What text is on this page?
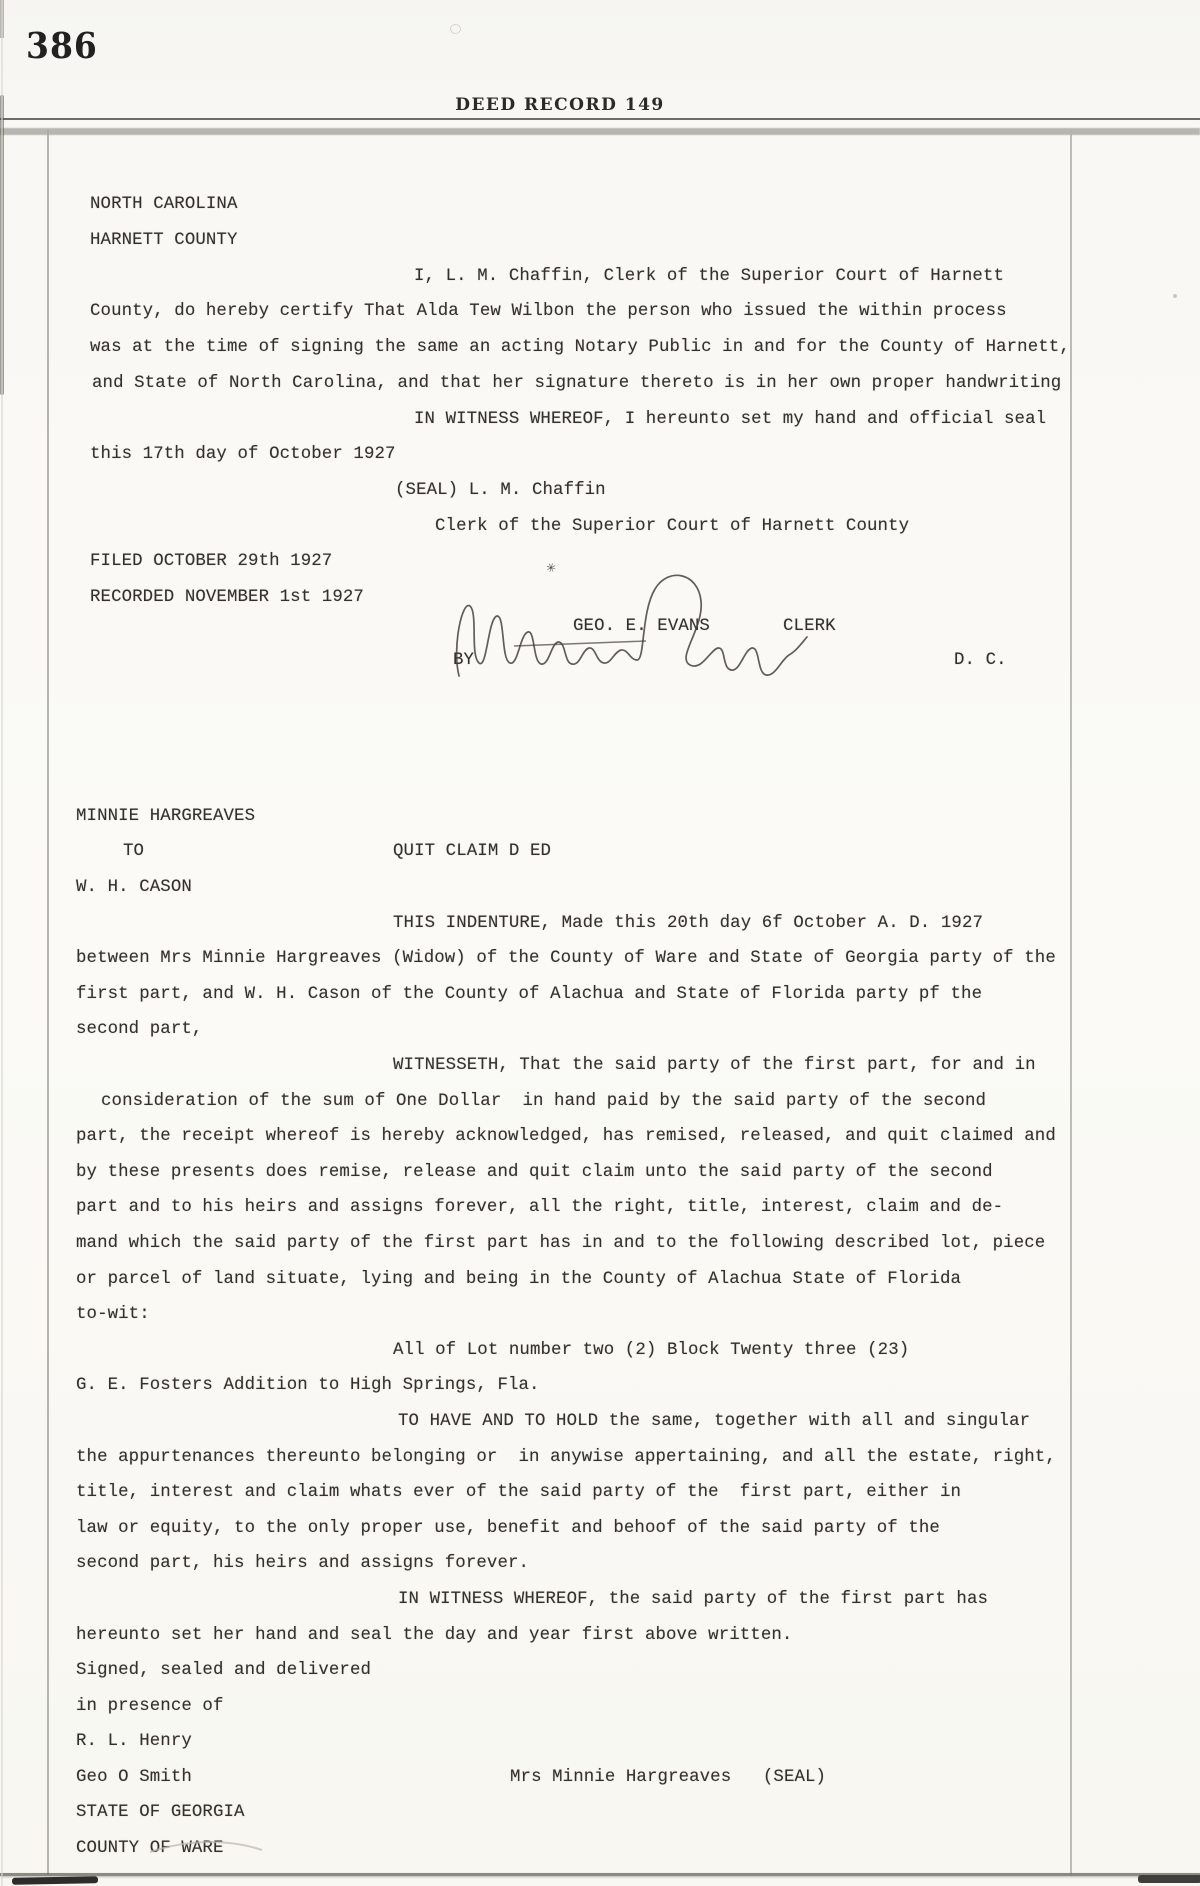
386
DEED RECORD 149
NORTH CAROLINA
HARNETT COUNTY
I, L. M. Chaffin, Clerk of the Superior Court of Harnett
County, do hereby certify That Alda Tew Wilbon the person who issued the within process
was at the time of signing the same an acting Notary Public in and for the County of Harnett,
and State of North Carolina, and that her signature thereto is in her own proper handwriting
IN WITNESS WHEREOF, I hereunto set my hand and official seal
this 17th day of October 1927
(SEAL) L. M. Chaffin
Clerk of the Superior Court of Harnett County
FILED OCTOBER 29th 1927
RECORDED NOVEMBER 1st 1927
MINNIE HARGREAVES
TO	QUIT CLAIM D ED
W. H. CASON
THIS INDENTURE, Made this 20th day 6f October A. D. 1927
between Mrs Minnie Hargreaves (Widow) of the County of Ware and State of Georgia party of the
first part, and W. H. Cason of the County of Alachua and State of Florida party pf the
second part,
WITNESSETH, That the said party of the first part, for and in
consideration of the sum of One Dollar  in hand paid by the said party of the second
part, the receipt whereof is hereby acknowledged, has remised, released, and quit claimed and
by these presents does remise, release and quit claim unto the said party of the second
part and to his heirs and assigns forever, all the right, title, interest, claim and de-
mand which the said party of the first part has in and to the following described lot, piece
or parcel of land situate, lying and being in the County of Alachua State of Florida
to-wit:
All of Lot number two (2) Block Twenty three (23)
G. E. Fosters Addition to High Springs, Fla.
TO HAVE AND TO HOLD the same, together with all and singular
the appurtenances thereunto belonging or  in anywise appertaining, and all the estate, right,
title, interest and claim whats ever of the said party of the  first part, either in
law or equity, to the only proper use, benefit and behoof of the said party of the
second part, his heirs and assigns forever.
IN WITNESS WHEREOF, the said party of the first part has
hereunto set her hand and seal the day and year first above written.
Signed, sealed and delivered
in presence of
R. L. Henry
Geo O Smith	Mrs Minnie Hargreaves   (SEAL)
STATE OF GEORGIA
COUNTY OF WARE
GEO. E. EVANS	CLERK
BY	D. C.
✳
